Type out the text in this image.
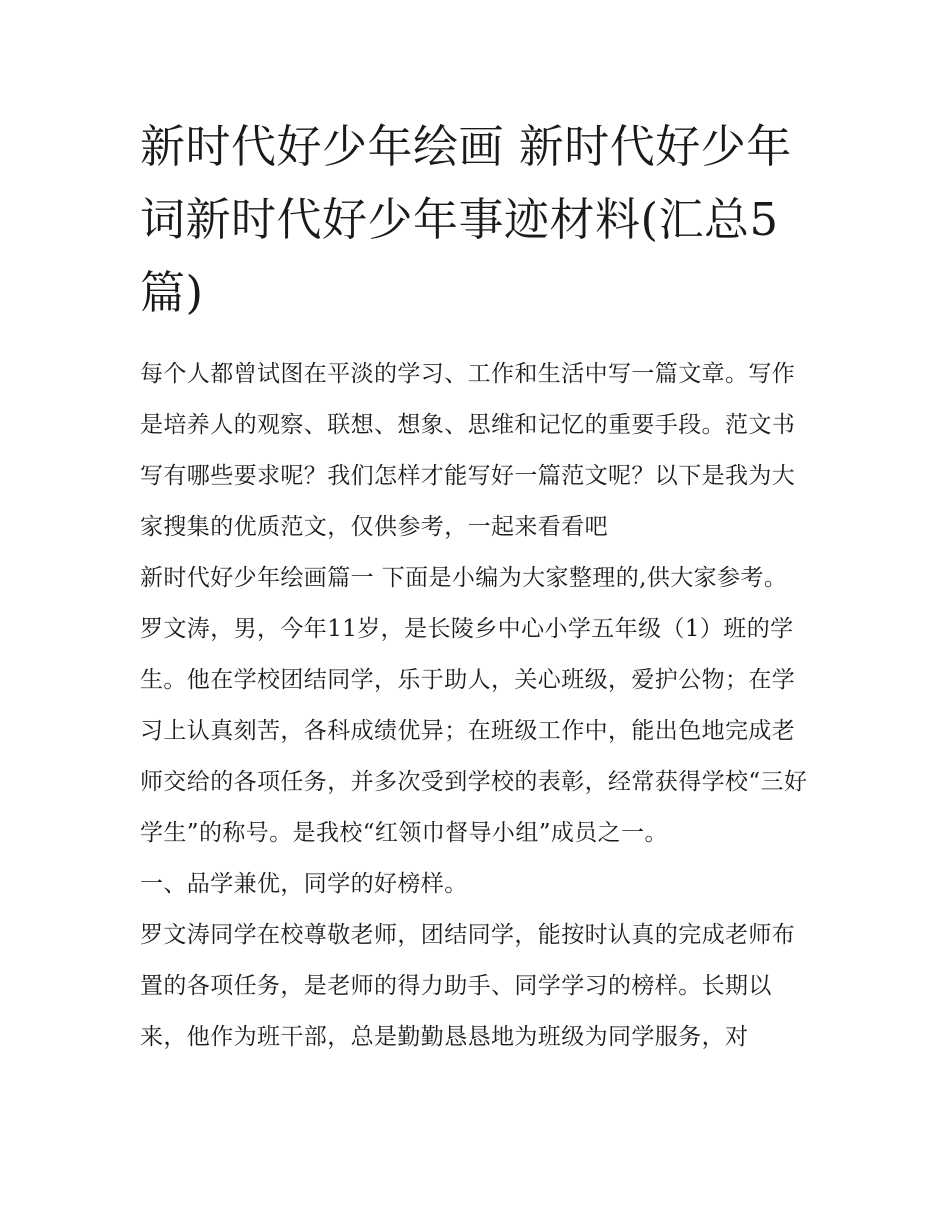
新时代好少年绘画 新时代好少年词新时代好少年事迹材料(汇总5篇)

每个人都曾试图在平淡的学习、工作和生活中写一篇文章。写作是培养人的观察、联想、想象、思维和记忆的重要手段。范文书写有哪些要求呢？我们怎样才能写好一篇范文呢？以下是我为大家搜集的优质范文，仅供参考，一起来看看吧

新时代好少年绘画篇一 下面是小编为大家整理的,供大家参考。

罗文涛，男，今年11岁，是长陵乡中心小学五年级（1）班的学生。他在学校团结同学，乐于助人，关心班级，爱护公物；在学习上认真刻苦，各科成绩优异；在班级工作中，能出色地完成老师交给的各项任务，并多次受到学校的表彰，经常获得学校“三好学生”的称号。是我校“红领巾督导小组”成员之一。

一、品学兼优，同学的好榜样。

罗文涛同学在校尊敬老师，团结同学，能按时认真的完成老师布置的各项任务，是老师的得力助手、同学学习的榜样。长期以来，他作为班干部，总是勤勤恳恳地为班级为同学服务，对
